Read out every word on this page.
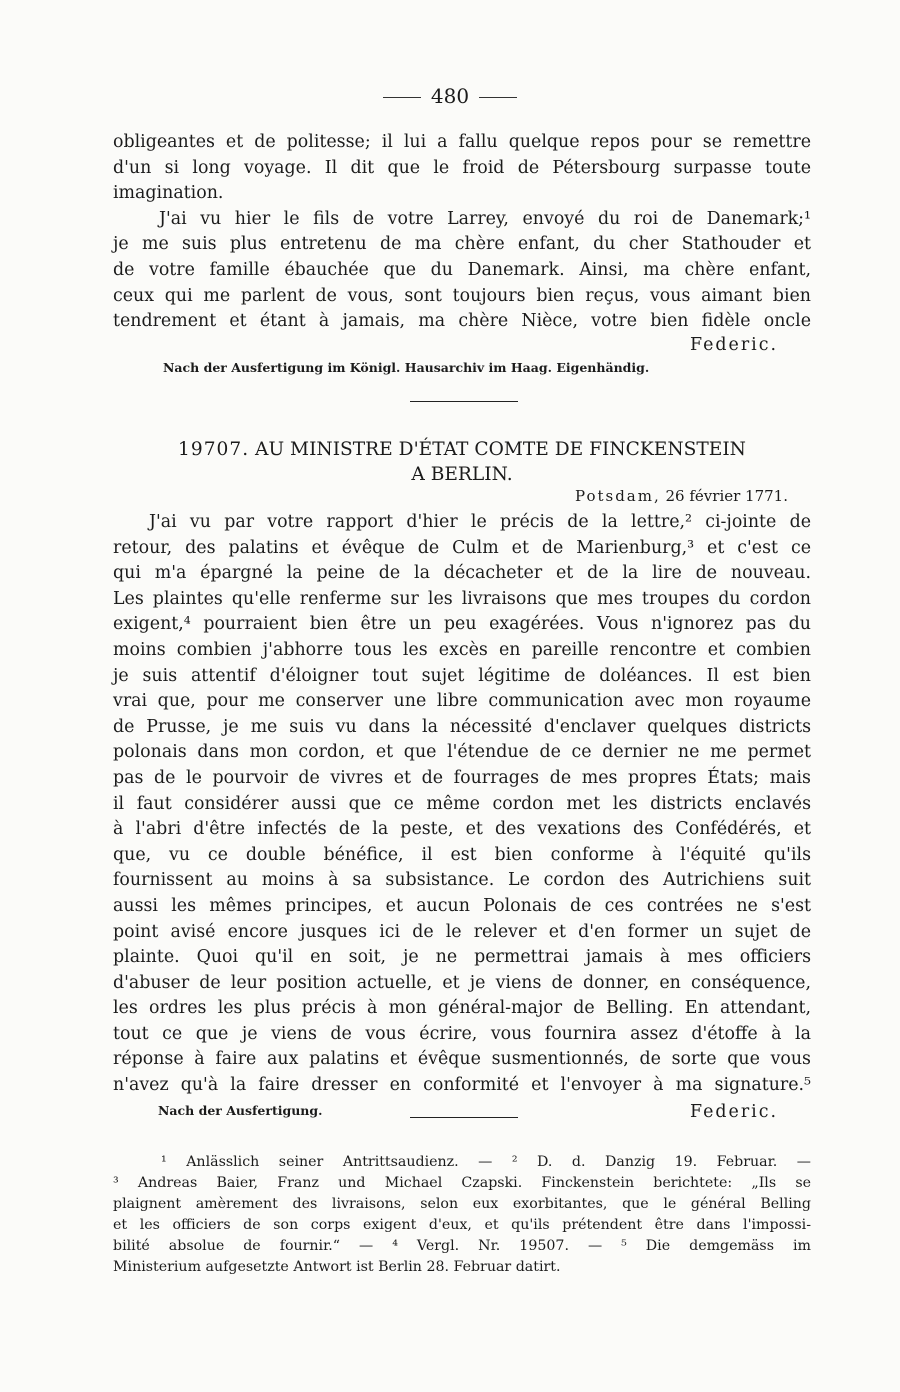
480
obligeantes et de politesse; il lui a fallu quelque repos pour se remettre
d'un si long voyage. Il dit que le froid de Pétersbourg surpasse toute
imagination.
J'ai vu hier le fils de votre Larrey, envoyé du roi de Danemark;¹
je me suis plus entretenu de ma chère enfant, du cher Stathouder et
de votre famille ébauchée que du Danemark. Ainsi, ma chère enfant,
ceux qui me parlent de vous, sont toujours bien reçus, vous aimant bien
tendrement et étant à jamais, ma chère Nièce, votre bien fidèle oncle
Federic.
Nach der Ausfertigung im Königl. Hausarchiv im Haag. Eigenhändig.
19707. AU MINISTRE D'ÉTAT COMTE DE FINCKENSTEIN
A BERLIN.
Potsdam, 26 février 1771.
J'ai vu par votre rapport d'hier le précis de la lettre,² ci-jointe de
retour, des palatins et évêque de Culm et de Marienburg,³ et c'est ce
qui m'a épargné la peine de la décacheter et de la lire de nouveau.
Les plaintes qu'elle renferme sur les livraisons que mes troupes du cordon
exigent,⁴ pourraient bien être un peu exagérées. Vous n'ignorez pas du
moins combien j'abhorre tous les excès en pareille rencontre et combien
je suis attentif d'éloigner tout sujet légitime de doléances. Il est bien
vrai que, pour me conserver une libre communication avec mon royaume
de Prusse, je me suis vu dans la nécessité d'enclaver quelques districts
polonais dans mon cordon, et que l'étendue de ce dernier ne me permet
pas de le pourvoir de vivres et de fourrages de mes propres États; mais
il faut considérer aussi que ce même cordon met les districts enclavés
à l'abri d'être infectés de la peste, et des vexations des Confédérés, et
que, vu ce double bénéfice, il est bien conforme à l'équité qu'ils
fournissent au moins à sa subsistance. Le cordon des Autrichiens suit
aussi les mêmes principes, et aucun Polonais de ces contrées ne s'est
point avisé encore jusques ici de le relever et d'en former un sujet de
plainte. Quoi qu'il en soit, je ne permettrai jamais à mes officiers
d'abuser de leur position actuelle, et je viens de donner, en conséquence,
les ordres les plus précis à mon général-major de Belling. En attendant,
tout ce que je viens de vous écrire, vous fournira assez d'étoffe à la
réponse à faire aux palatins et évêque susmentionnés, de sorte que vous
n'avez qu'à la faire dresser en conformité et l'envoyer à ma signature.⁵
Nach der Ausfertigung.	Federic.
¹ Anlässlich seiner Antrittsaudienz. — ² D. d. Danzig 19. Februar. —
³ Andreas Baier, Franz und Michael Czapski. Finckenstein berichtete: „Ils se
plaignent amèrement des livraisons, selon eux exorbitantes, que le général Belling
et les officiers de son corps exigent d'eux, et qu'ils prétendent être dans l'impossi-
bilité absolue de fournir.“ — ⁴ Vergl. Nr. 19507. — ⁵ Die demgemäss im
Ministerium aufgesetzte Antwort ist Berlin 28. Februar datirt.
